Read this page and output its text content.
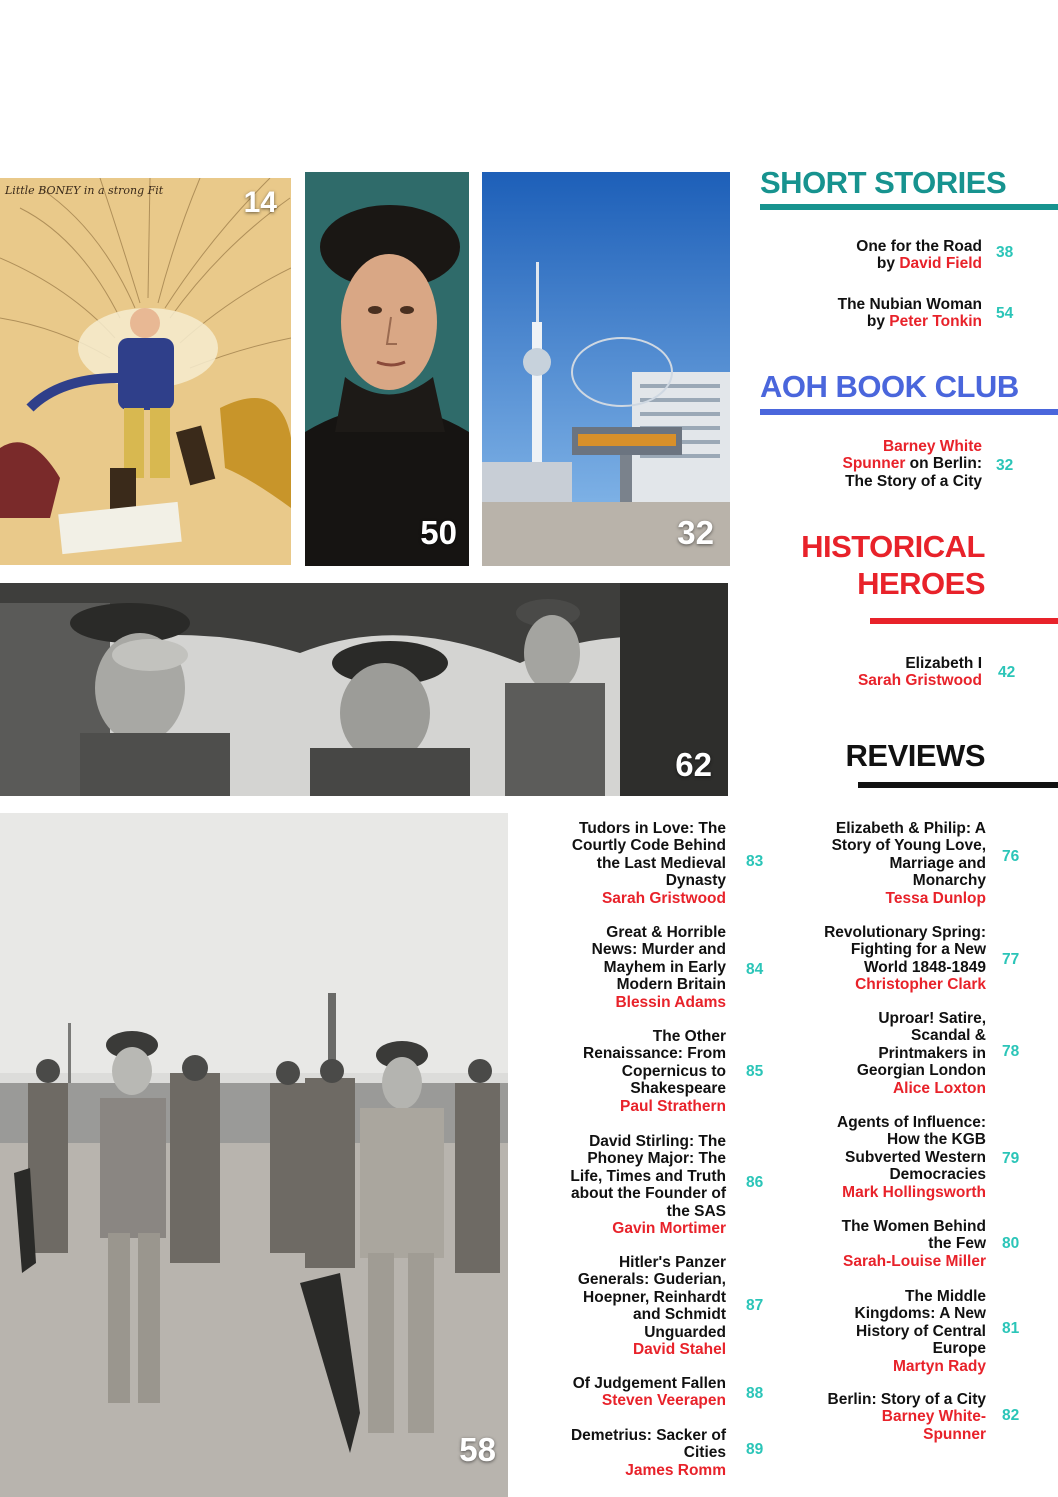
Little BONEY in a strong Fit	14
50	32
62
58
SHORT STORIES
One for the Road
by David Field
38
The Nubian Woman
by Peter Tonkin 54
AOH BOOK CLUB
Barney White
Spunner on Berlin:
The Story of a City
32
HISTORICAL
HEROES
Elizabeth I
Sarah Gristwood 42
REVIEWS
Tudors in Love: The
Courtly Code Behind
the Last Medieval
Dynasty
Sarah Gristwood
83
Great & Horrible
News: Murder and
Mayhem in Early
Modern Britain
Blessin Adams
84
The Other
Renaissance: From
Copernicus to
Shakespeare
Paul Strathern
85
David Stirling: The
Phoney Major: The
Life, Times and Truth
about the Founder of
the SAS
Gavin Mortimer
86
Hitler's Panzer
Generals: Guderian,
Hoepner, Reinhardt
and Schmidt
Unguarded
David Stahel
87
Of Judgement Fallen
Steven Veerapen 88
Demetrius: Sacker of
Cities
James Romm
89
Elizabeth & Philip: A
Story of Young Love,
Marriage and
Monarchy
Tessa Dunlop
76
Revolutionary Spring:
Fighting for a New
World 1848-1849
Christopher Clark
77
Uproar! Satire,
Scandal &
Printmakers in
Georgian London
Alice Loxton
78
Agents of Influence:
How the KGB
Subverted Western
Democracies
Mark Hollingsworth
79
The Women Behind
the Few
Sarah-Louise Miller
80
The Middle
Kingdoms: A New
History of Central
Europe
Martyn Rady
81
Berlin: Story of a City
Barney White-
Spunner
82
